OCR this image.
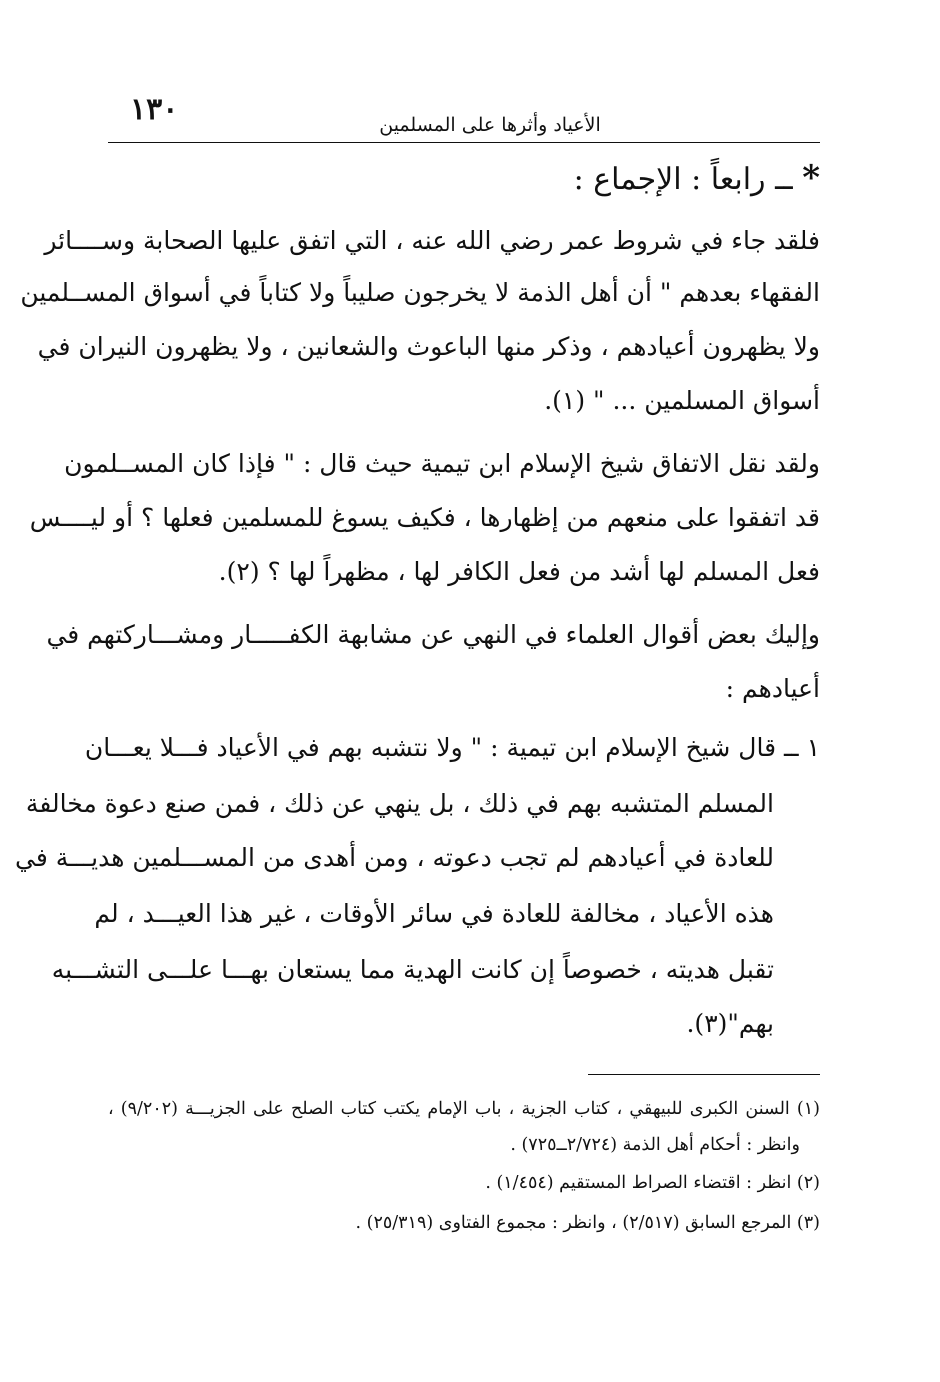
١٣٠	الأعياد وأثرها على المسلمين
* ــ رابعاً : الإجماع :
فلقد جاء في شروط عمر رضي الله عنه ، التي اتفق عليها الصحابة وســــائر
الفقهاء بعدهم " أن أهل الذمة لا يخرجون صليباً ولا كتاباً في أسواق المســلمين
ولا يظهرون أعيادهم ، وذكر منها الباعوث والشعانين ، ولا يظهرون النيران في
أسواق المسلمين ... " (١).
ولقد نقل الاتفاق شيخ الإسلام ابن تيمية حيث قال : " فإذا كان المســلمون
قد اتفقوا على منعهم من إظهارها ، فكيف يسوغ للمسلمين فعلها ؟ أو ليــــس
فعل المسلم لها أشد من فعل الكافر لها ، مظهراً لها ؟ (٢).
وإليك بعض أقوال العلماء في النهي عن مشابهة الكفـــــار ومشـــاركتهم في
أعيادهم :
١ ــ قال شيخ الإسلام ابن تيمية : " ولا نتشبه بهم في الأعياد فـــلا يعـــان
المسلم المتشبه بهم في ذلك ، بل ينهي عن ذلك ، فمن صنع دعوة مخالفة
للعادة في أعيادهم لم تجب دعوته ، ومن أهدى من المســـلمين هديـــة في
هذه الأعياد ، مخالفة للعادة في سائر الأوقات ، غير هذا العيـــد ، لم
تقبل هديته ، خصوصاً إن كانت الهدية مما يستعان بهـــا علـــى التشـــبه
بهم"(٣).
(١) السنن الكبرى للبيهقي ، كتاب الجزية ، باب الإمام يكتب كتاب الصلح على الجزيـــة (٩/٢٠٢) ،
وانظر : أحكام أهل الذمة (٢/٧٢٤ــ٧٢٥) .
(٢) انظر : اقتضاء الصراط المستقيم (١/٤٥٤) .
(٣) المرجع السابق (٢/٥١٧) ، وانظر : مجموع الفتاوى (٢٥/٣١٩) .
